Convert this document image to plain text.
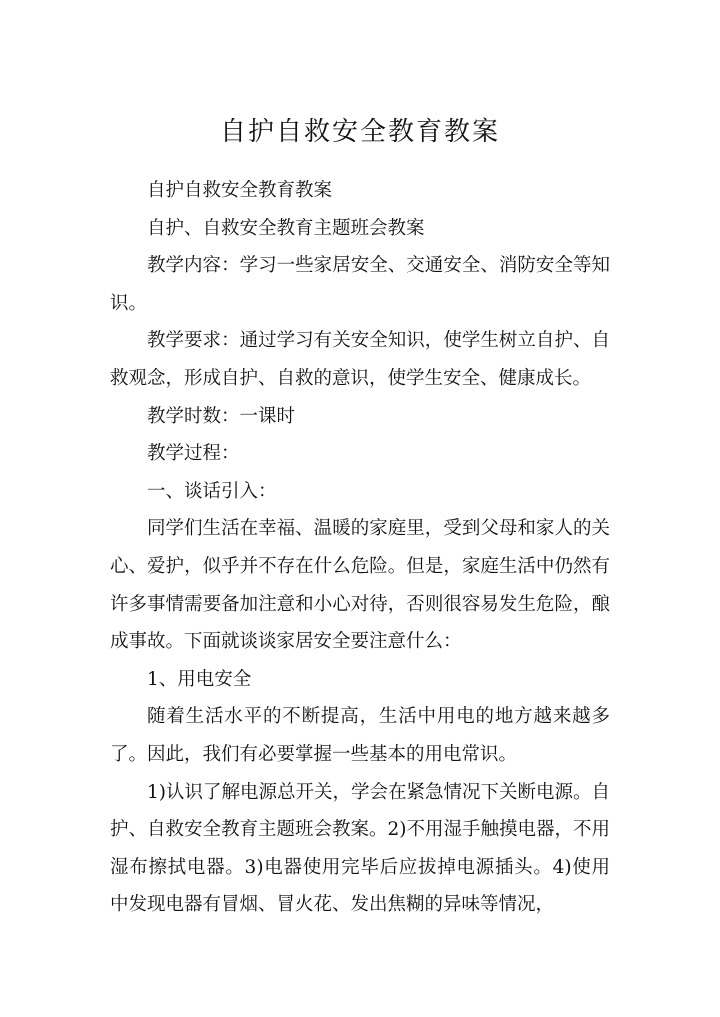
自护自救安全教育教案

自护自救安全教育教案

自护、自救安全教育主题班会教案

教学内容：学习一些家居安全、交通安全、消防安全等知识。

教学要求：通过学习有关安全知识，使学生树立自护、自救观念，形成自护、自救的意识，使学生安全、健康成长。

教学时数：一课时

教学过程：

一、谈话引入：

同学们生活在幸福、温暖的家庭里，受到父母和家人的关心、爱护，似乎并不存在什么危险。但是，家庭生活中仍然有许多事情需要备加注意和小心对待，否则很容易发生危险，酿成事故。下面就谈谈家居安全要注意什么：

1、用电安全

随着生活水平的不断提高，生活中用电的地方越来越多了。因此，我们有必要掌握一些基本的用电常识。

1)认识了解电源总开关，学会在紧急情况下关断电源。自护、自救安全教育主题班会教案。2)不用湿手触摸电器，不用湿布擦拭电器。3)电器使用完毕后应拔掉电源插头。4)使用中发现电器有冒烟、冒火花、发出焦糊的异味等情况，
